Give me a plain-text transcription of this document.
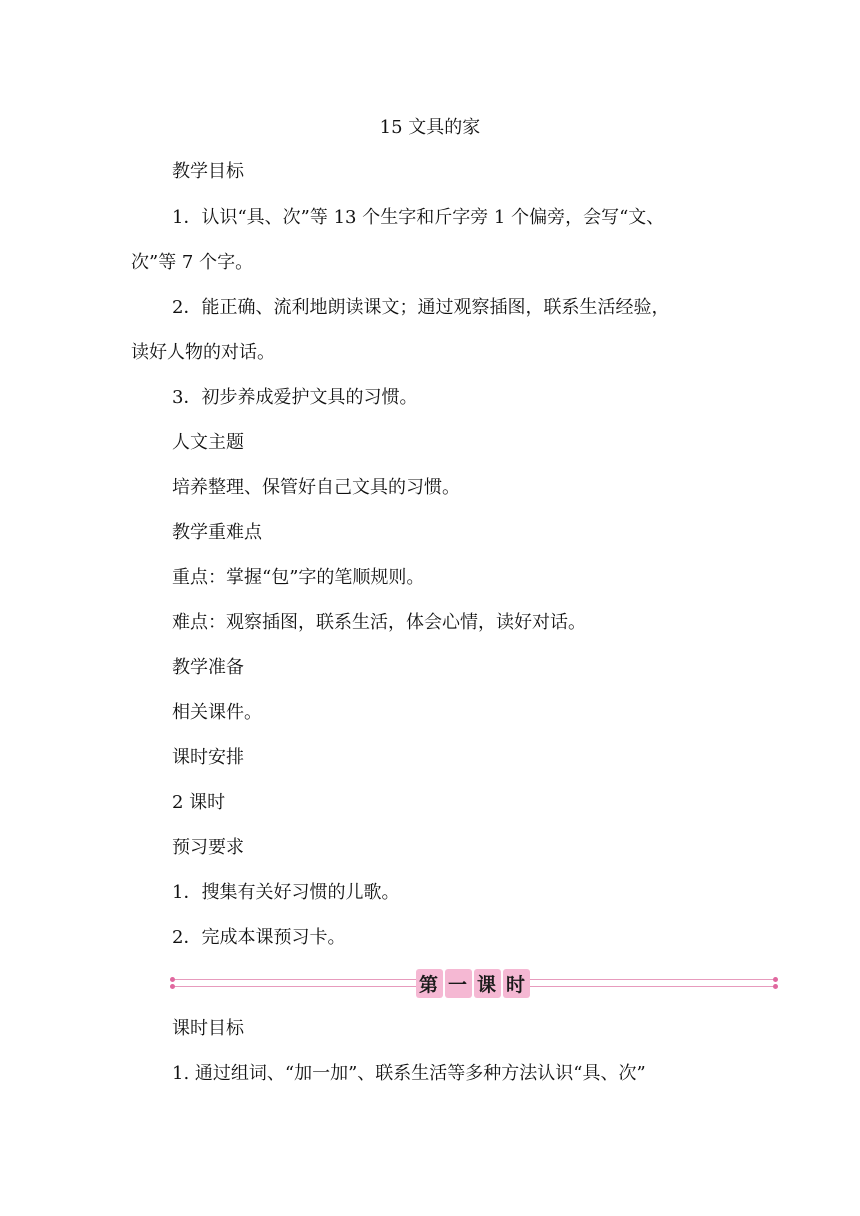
15 文具的家
教学目标
1．认识“具、次”等 13 个生字和斤字旁 1 个偏旁，会写“文、
次”等 7 个字。
2．能正确、流利地朗读课文；通过观察插图，联系生活经验，
读好人物的对话。
3．初步养成爱护文具的习惯。
人文主题
培养整理、保管好自己文具的习惯。
教学重难点
重点：掌握“包”字的笔顺规则。
难点：观察插图，联系生活，体会心情，读好对话。
教学准备
相关课件。
课时安排
2 课时
预习要求
1．搜集有关好习惯的儿歌。
2．完成本课预习卡。
第 一 课 时
课时目标
1. 通过组词、“加一加”、联系生活等多种方法认识“具、次”
